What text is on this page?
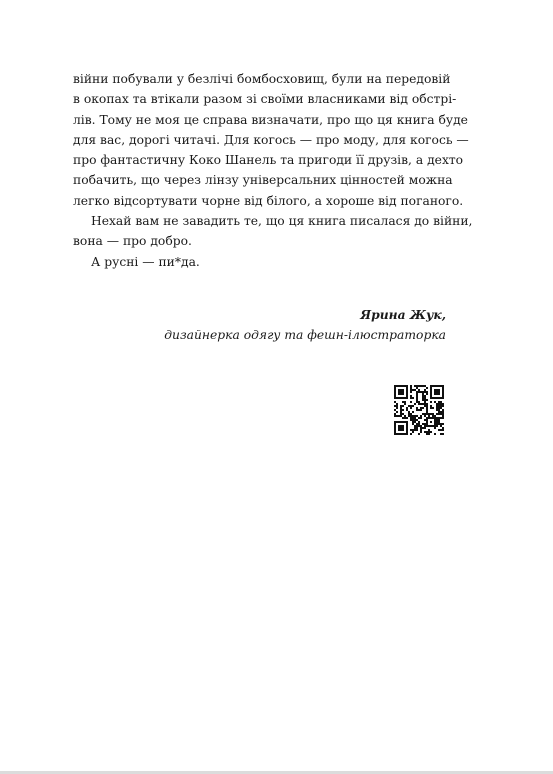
війни побували у безлічі бомбосховищ, були на передовій
в окопах та втікали разом зі своїми власниками від обстрі-
лів. Тому не моя це справа визначати, про що ця книга буде
для вас, дорогі читачі. Для когось — про моду, для когось —
про фантастичну Коко Шанель та пригоди її друзів, а дехто
побачить, що через лінзу універсальних цінностей можна
легко відсортувати чорне від білого, а хороше від поганого.
Нехай вам не завадить те, що ця книга писалася до війни,
вона — про добро.
А русні — пи*да.
Ярина Жук,
дизайнерка одягу та фешн-ілюстраторка
